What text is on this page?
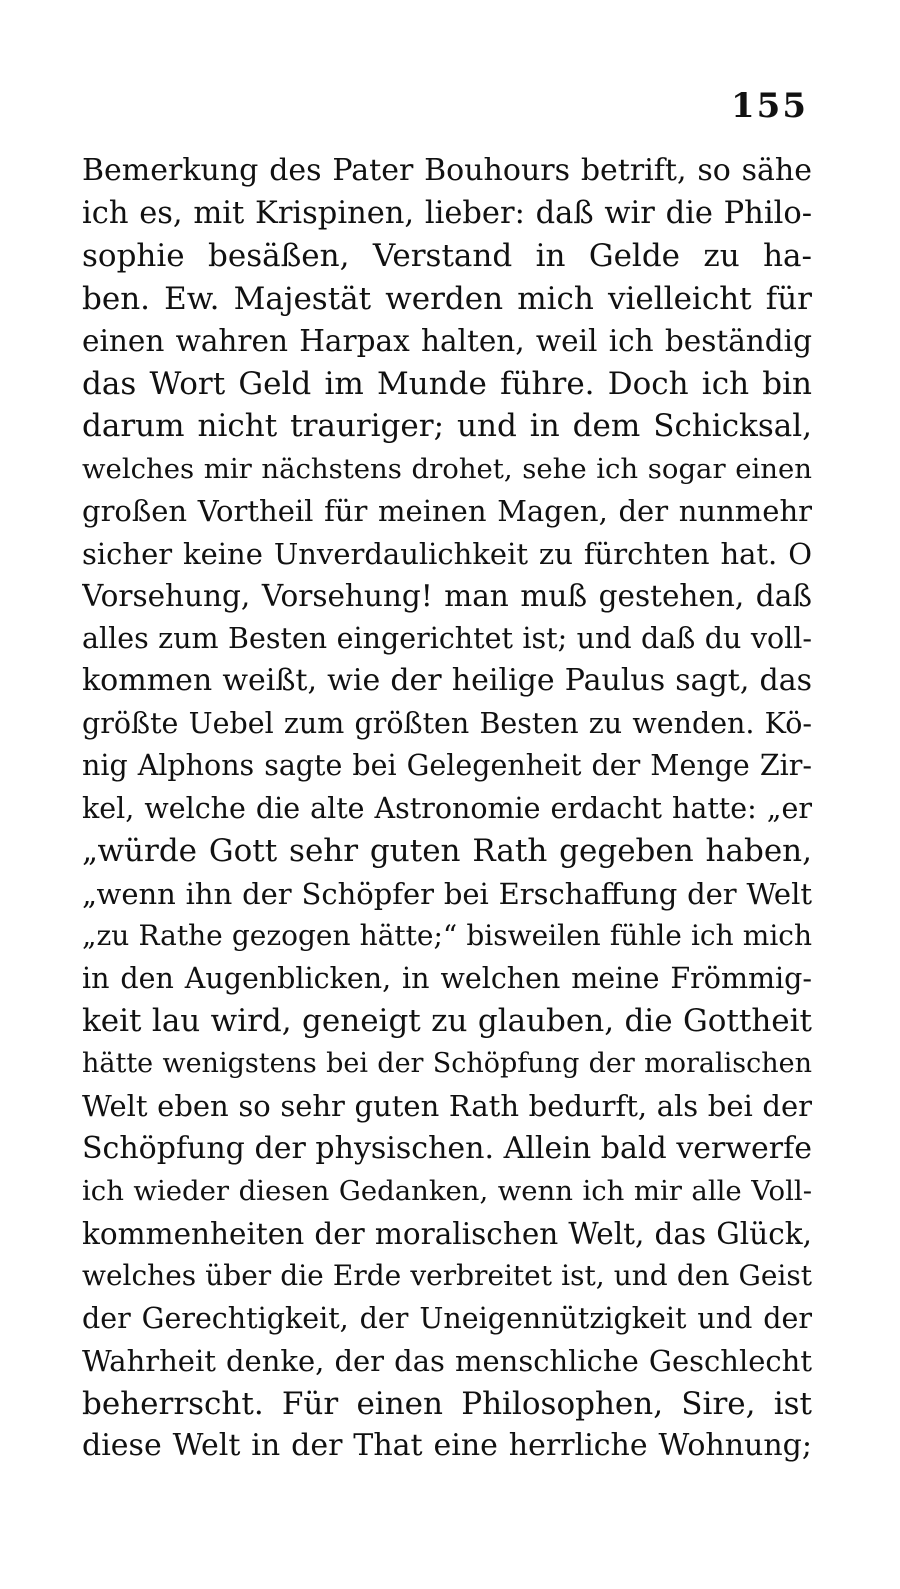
155
Bemerkung des Pater Bouhours betrift, so sähe
ich es, mit Krispinen, lieber: daß wir die Philo-
sophie besäßen, Verstand in Gelde zu ha-
ben. Ew. Majestät werden mich vielleicht für
einen wahren Harpax halten, weil ich beständig
das Wort Geld im Munde führe. Doch ich bin
darum nicht trauriger; und in dem Schicksal,
welches mir nächstens drohet, sehe ich sogar einen
großen Vortheil für meinen Magen, der nunmehr
sicher keine Unverdaulichkeit zu fürchten hat. O
Vorsehung, Vorsehung! man muß gestehen, daß
alles zum Besten eingerichtet ist; und daß du voll-
kommen weißt, wie der heilige Paulus sagt, das
größte Uebel zum größten Besten zu wenden. Kö-
nig Alphons sagte bei Gelegenheit der Menge Zir-
kel, welche die alte Astronomie erdacht hatte: „er
„würde Gott sehr guten Rath gegeben haben,
„wenn ihn der Schöpfer bei Erschaffung der Welt
„zu Rathe gezogen hätte;“ bisweilen fühle ich mich
in den Augenblicken, in welchen meine Frömmig-
keit lau wird, geneigt zu glauben, die Gottheit
hätte wenigstens bei der Schöpfung der moralischen
Welt eben so sehr guten Rath bedurft, als bei der
Schöpfung der physischen. Allein bald verwerfe
ich wieder diesen Gedanken, wenn ich mir alle Voll-
kommenheiten der moralischen Welt, das Glück,
welches über die Erde verbreitet ist, und den Geist
der Gerechtigkeit, der Uneigennützigkeit und der
Wahrheit denke, der das menschliche Geschlecht
beherrscht. Für einen Philosophen, Sire, ist
diese Welt in der That eine herrliche Wohnung;
